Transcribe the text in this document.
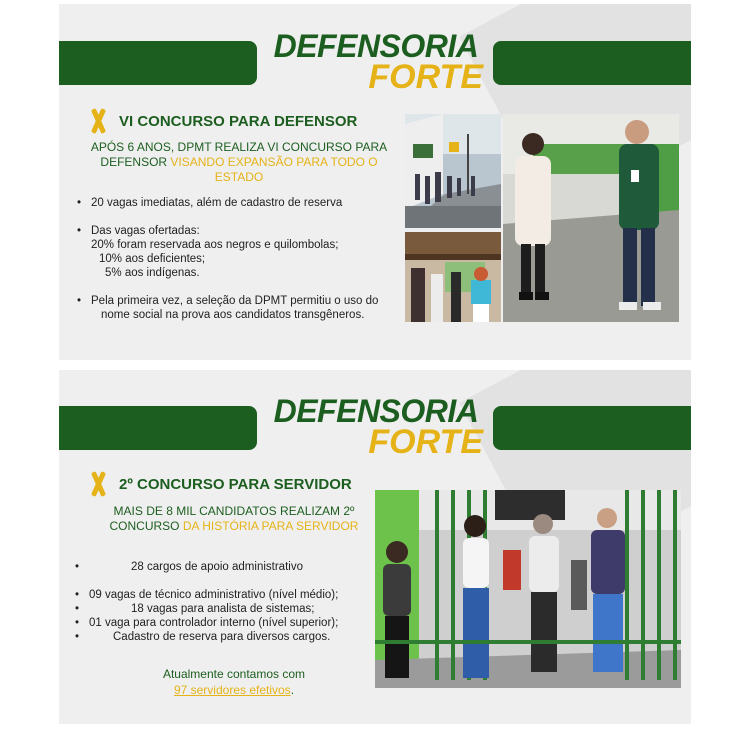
DEFENSORIA
FORTE
VI CONCURSO PARA DEFENSOR
APÓS 6 ANOS, DPMT REALIZA VI CONCURSO PARA DEFENSOR VISANDO EXPANSÃO PARA TODO O ESTADO
• 20 vagas imediatas, além de cadastro de reserva
• Das vagas ofertadas:
20% foram reservada aos negros e quilombolas;
10% aos deficientes;
5% aos indígenas.
• Pela primeira vez, a seleção da DPMT permitiu o uso do
nome social na prova aos candidatos transgêneros.
DEFENSORIA
FORTE
2º CONCURSO PARA SERVIDOR
MAIS DE 8 MIL CANDIDATOS REALIZAM 2º CONCURSO DA HISTÓRIA PARA SERVIDOR
• 28 cargos de apoio administrativo
• 09 vagas de técnico administrativo (nível médio);
• 18 vagas para analista de sistemas;
• 01 vaga para controlador interno (nível superior);
• Cadastro de reserva para diversos cargos.
Atualmente contamos com
97 servidores efetivos.
